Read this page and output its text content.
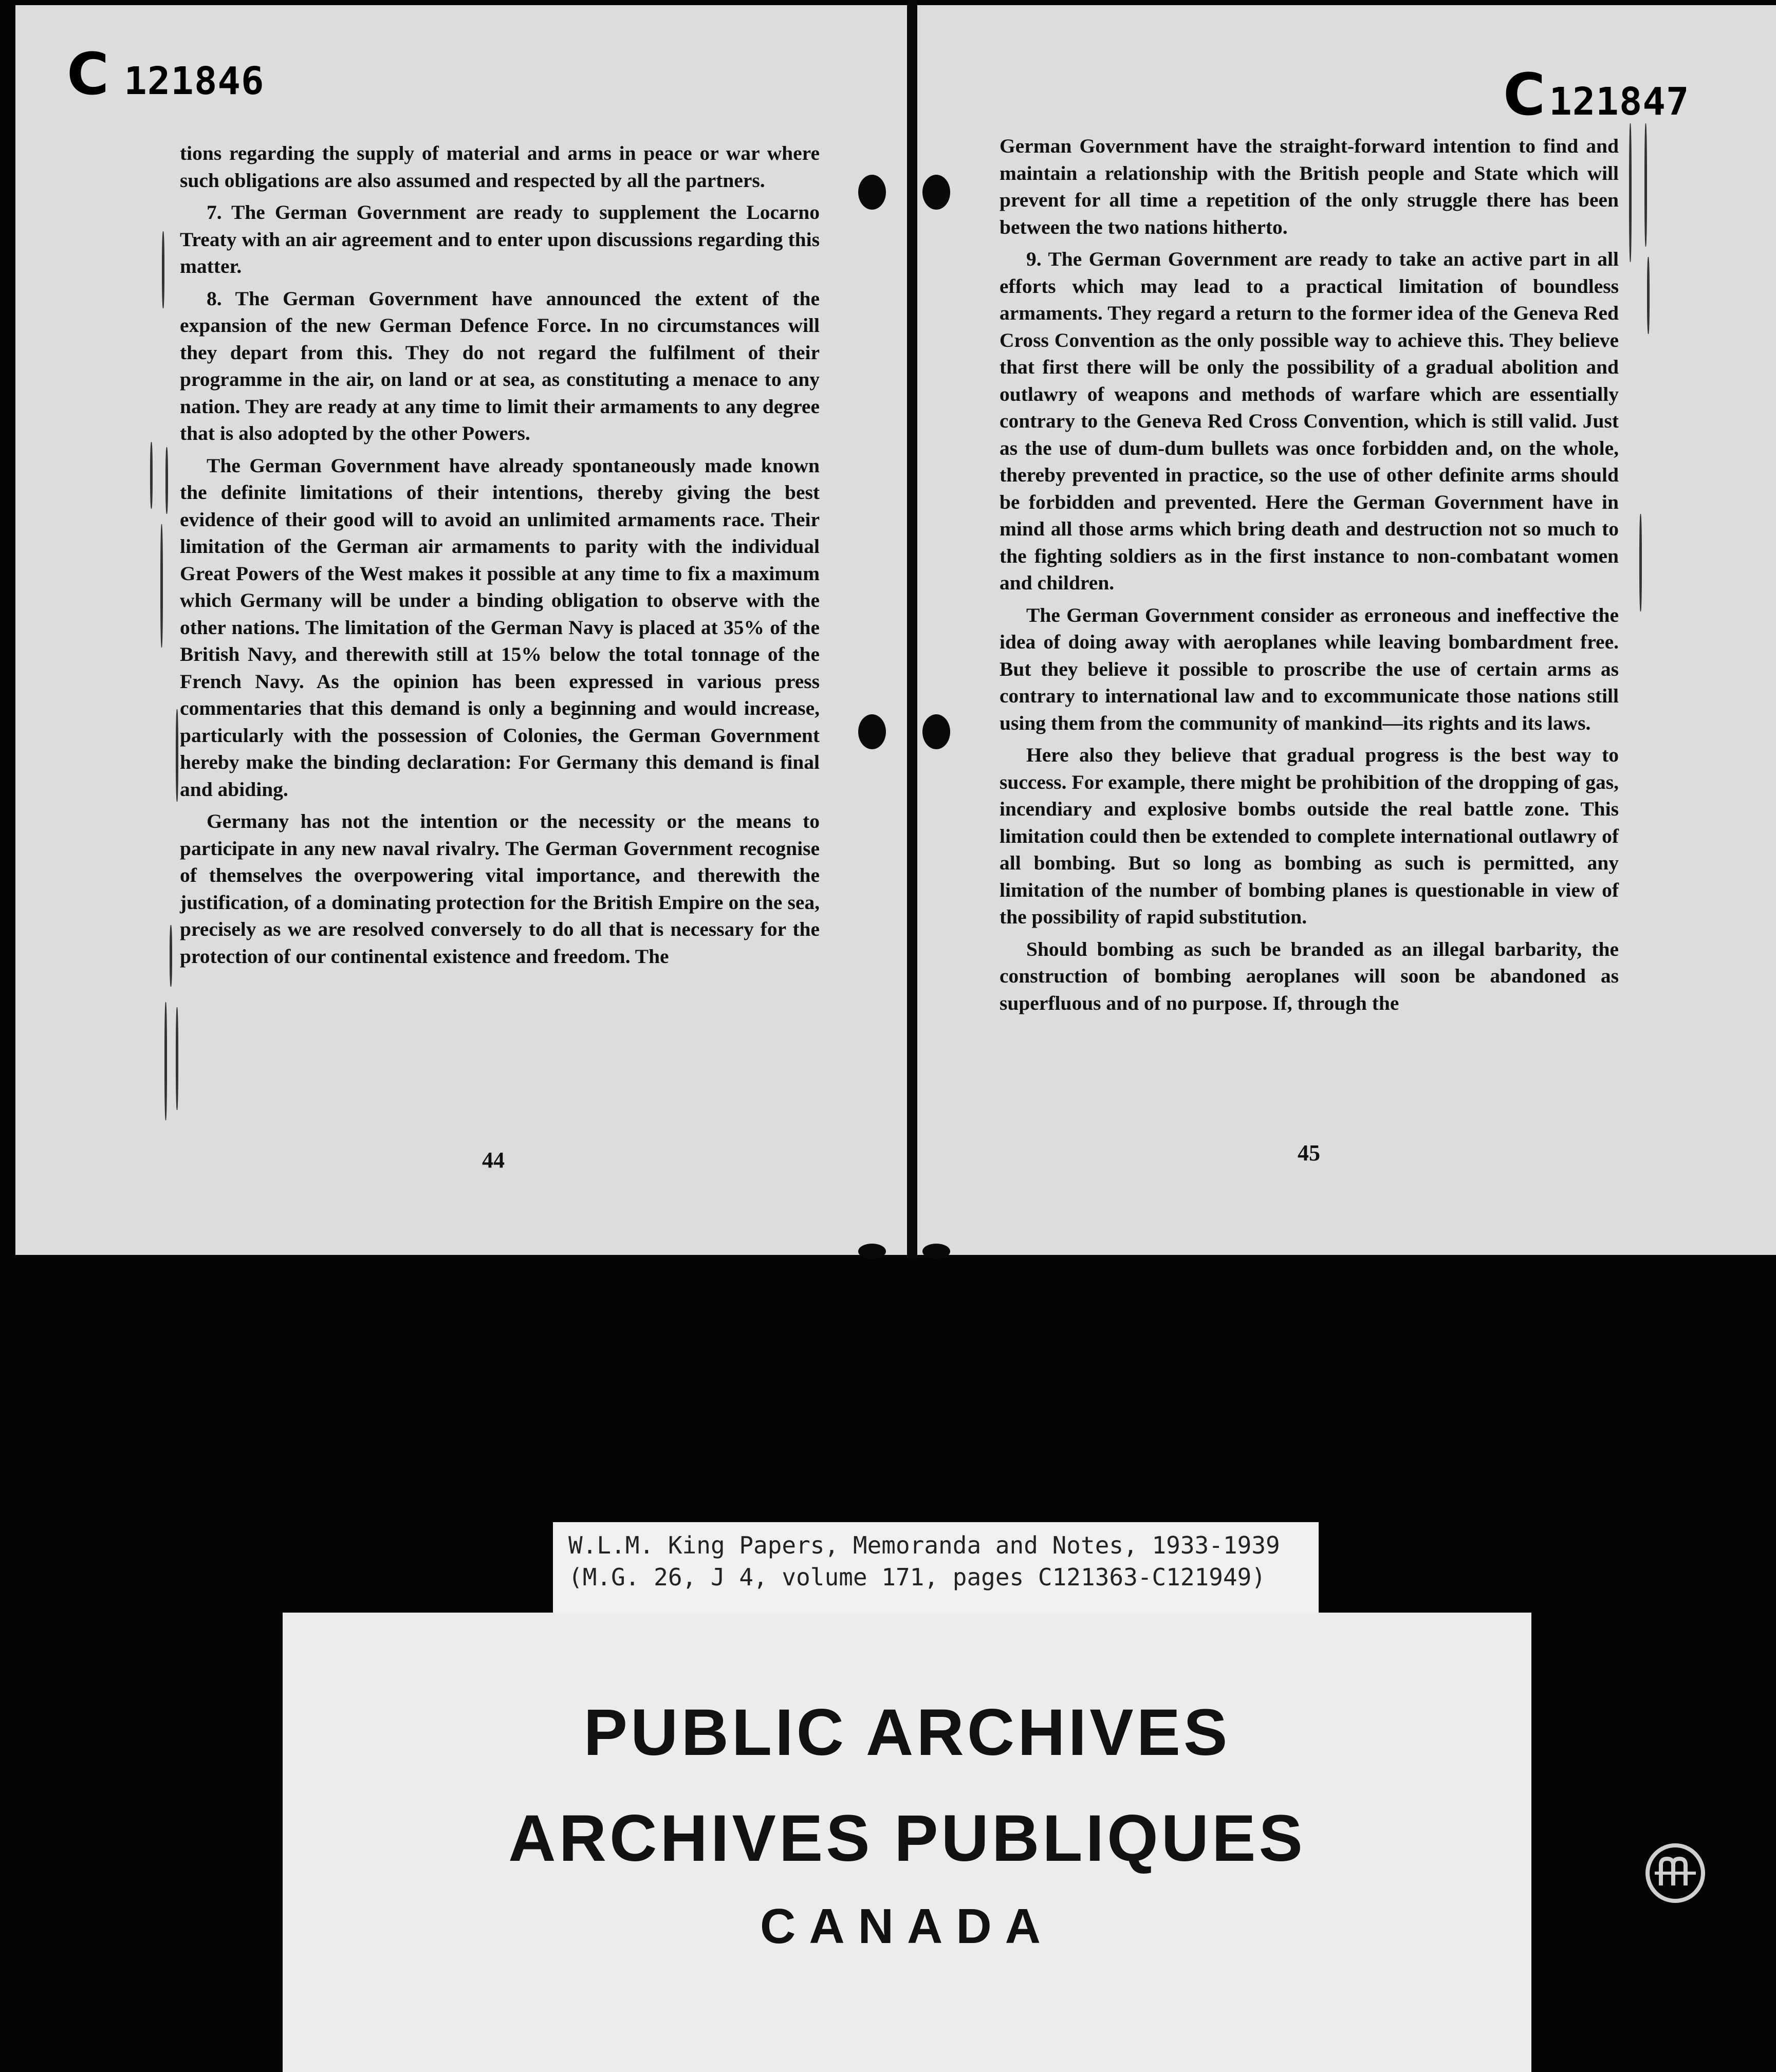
C 121846

tions regarding the supply of material and arms in peace or war where such obligations are also assumed and respected by all the partners.

7. The German Government are ready to supplement the Locarno Treaty with an air agreement and to enter upon discussions regarding this matter.

8. The German Government have announced the extent of the expansion of the new German Defence Force. In no circumstances will they depart from this. They do not regard the fulfilment of their programme in the air, on land or at sea, as constituting a menace to any nation. They are ready at any time to limit their armaments to any degree that is also adopted by the other Powers.

The German Government have already spontaneously made known the definite limitations of their intentions, thereby giving the best evidence of their good will to avoid an unlimited armaments race. Their limitation of the German air armaments to parity with the individual Great Powers of the West makes it possible at any time to fix a maximum which Germany will be under a binding obligation to observe with the other nations. The limitation of the German Navy is placed at 35% of the British Navy, and therewith still at 15% below the total tonnage of the French Navy. As the opinion has been expressed in various press commentaries that this demand is only a beginning and would increase, particularly with the possession of Colonies, the German Government hereby make the binding declaration: For Germany this demand is final and abiding.

Germany has not the intention or the necessity or the means to participate in any new naval rivalry. The German Government recognise of themselves the overpowering vital importance, and therewith the justification, of a dominating protection for the British Empire on the sea, precisely as we are resolved conversely to do all that is necessary for the protection of our continental existence and freedom. The

44
C121847

German Government have the straight-forward intention to find and maintain a relationship with the British people and State which will prevent for all time a repetition of the only struggle there has been between the two nations hitherto.

9. The German Government are ready to take an active part in all efforts which may lead to a practical limitation of boundless armaments. They regard a return to the former idea of the Geneva Red Cross Convention as the only possible way to achieve this. They believe that first there will be only the possibility of a gradual abolition and outlawry of weapons and methods of warfare which are essentially contrary to the Geneva Red Cross Convention, which is still valid. Just as the use of dum-dum bullets was once forbidden and, on the whole, thereby prevented in practice, so the use of other definite arms should be forbidden and prevented. Here the German Government have in mind all those arms which bring death and destruction not so much to the fighting soldiers as in the first instance to non-combatant women and children.

The German Government consider as erroneous and ineffective the idea of doing away with aeroplanes while leaving bombardment free. But they believe it possible to proscribe the use of certain arms as contrary to international law and to excommunicate those nations still using them from the community of mankind—its rights and its laws.

Here also they believe that gradual progress is the best way to success. For example, there might be prohibition of the dropping of gas, incendiary and explosive bombs outside the real battle zone. This limitation could then be extended to complete international outlawry of all bombing. But so long as bombing as such is permitted, any limitation of the number of bombing planes is questionable in view of the possibility of rapid substitution.

Should bombing as such be branded as an illegal barbarity, the construction of bombing aeroplanes will soon be abandoned as superfluous and of no purpose. If, through the

45
W.L.M. King Papers, Memoranda and Notes, 1933-1939
(M.G. 26, J 4, volume 171, pages C121363-C121949)
PUBLIC ARCHIVES
ARCHIVES PUBLIQUES
CANADA
